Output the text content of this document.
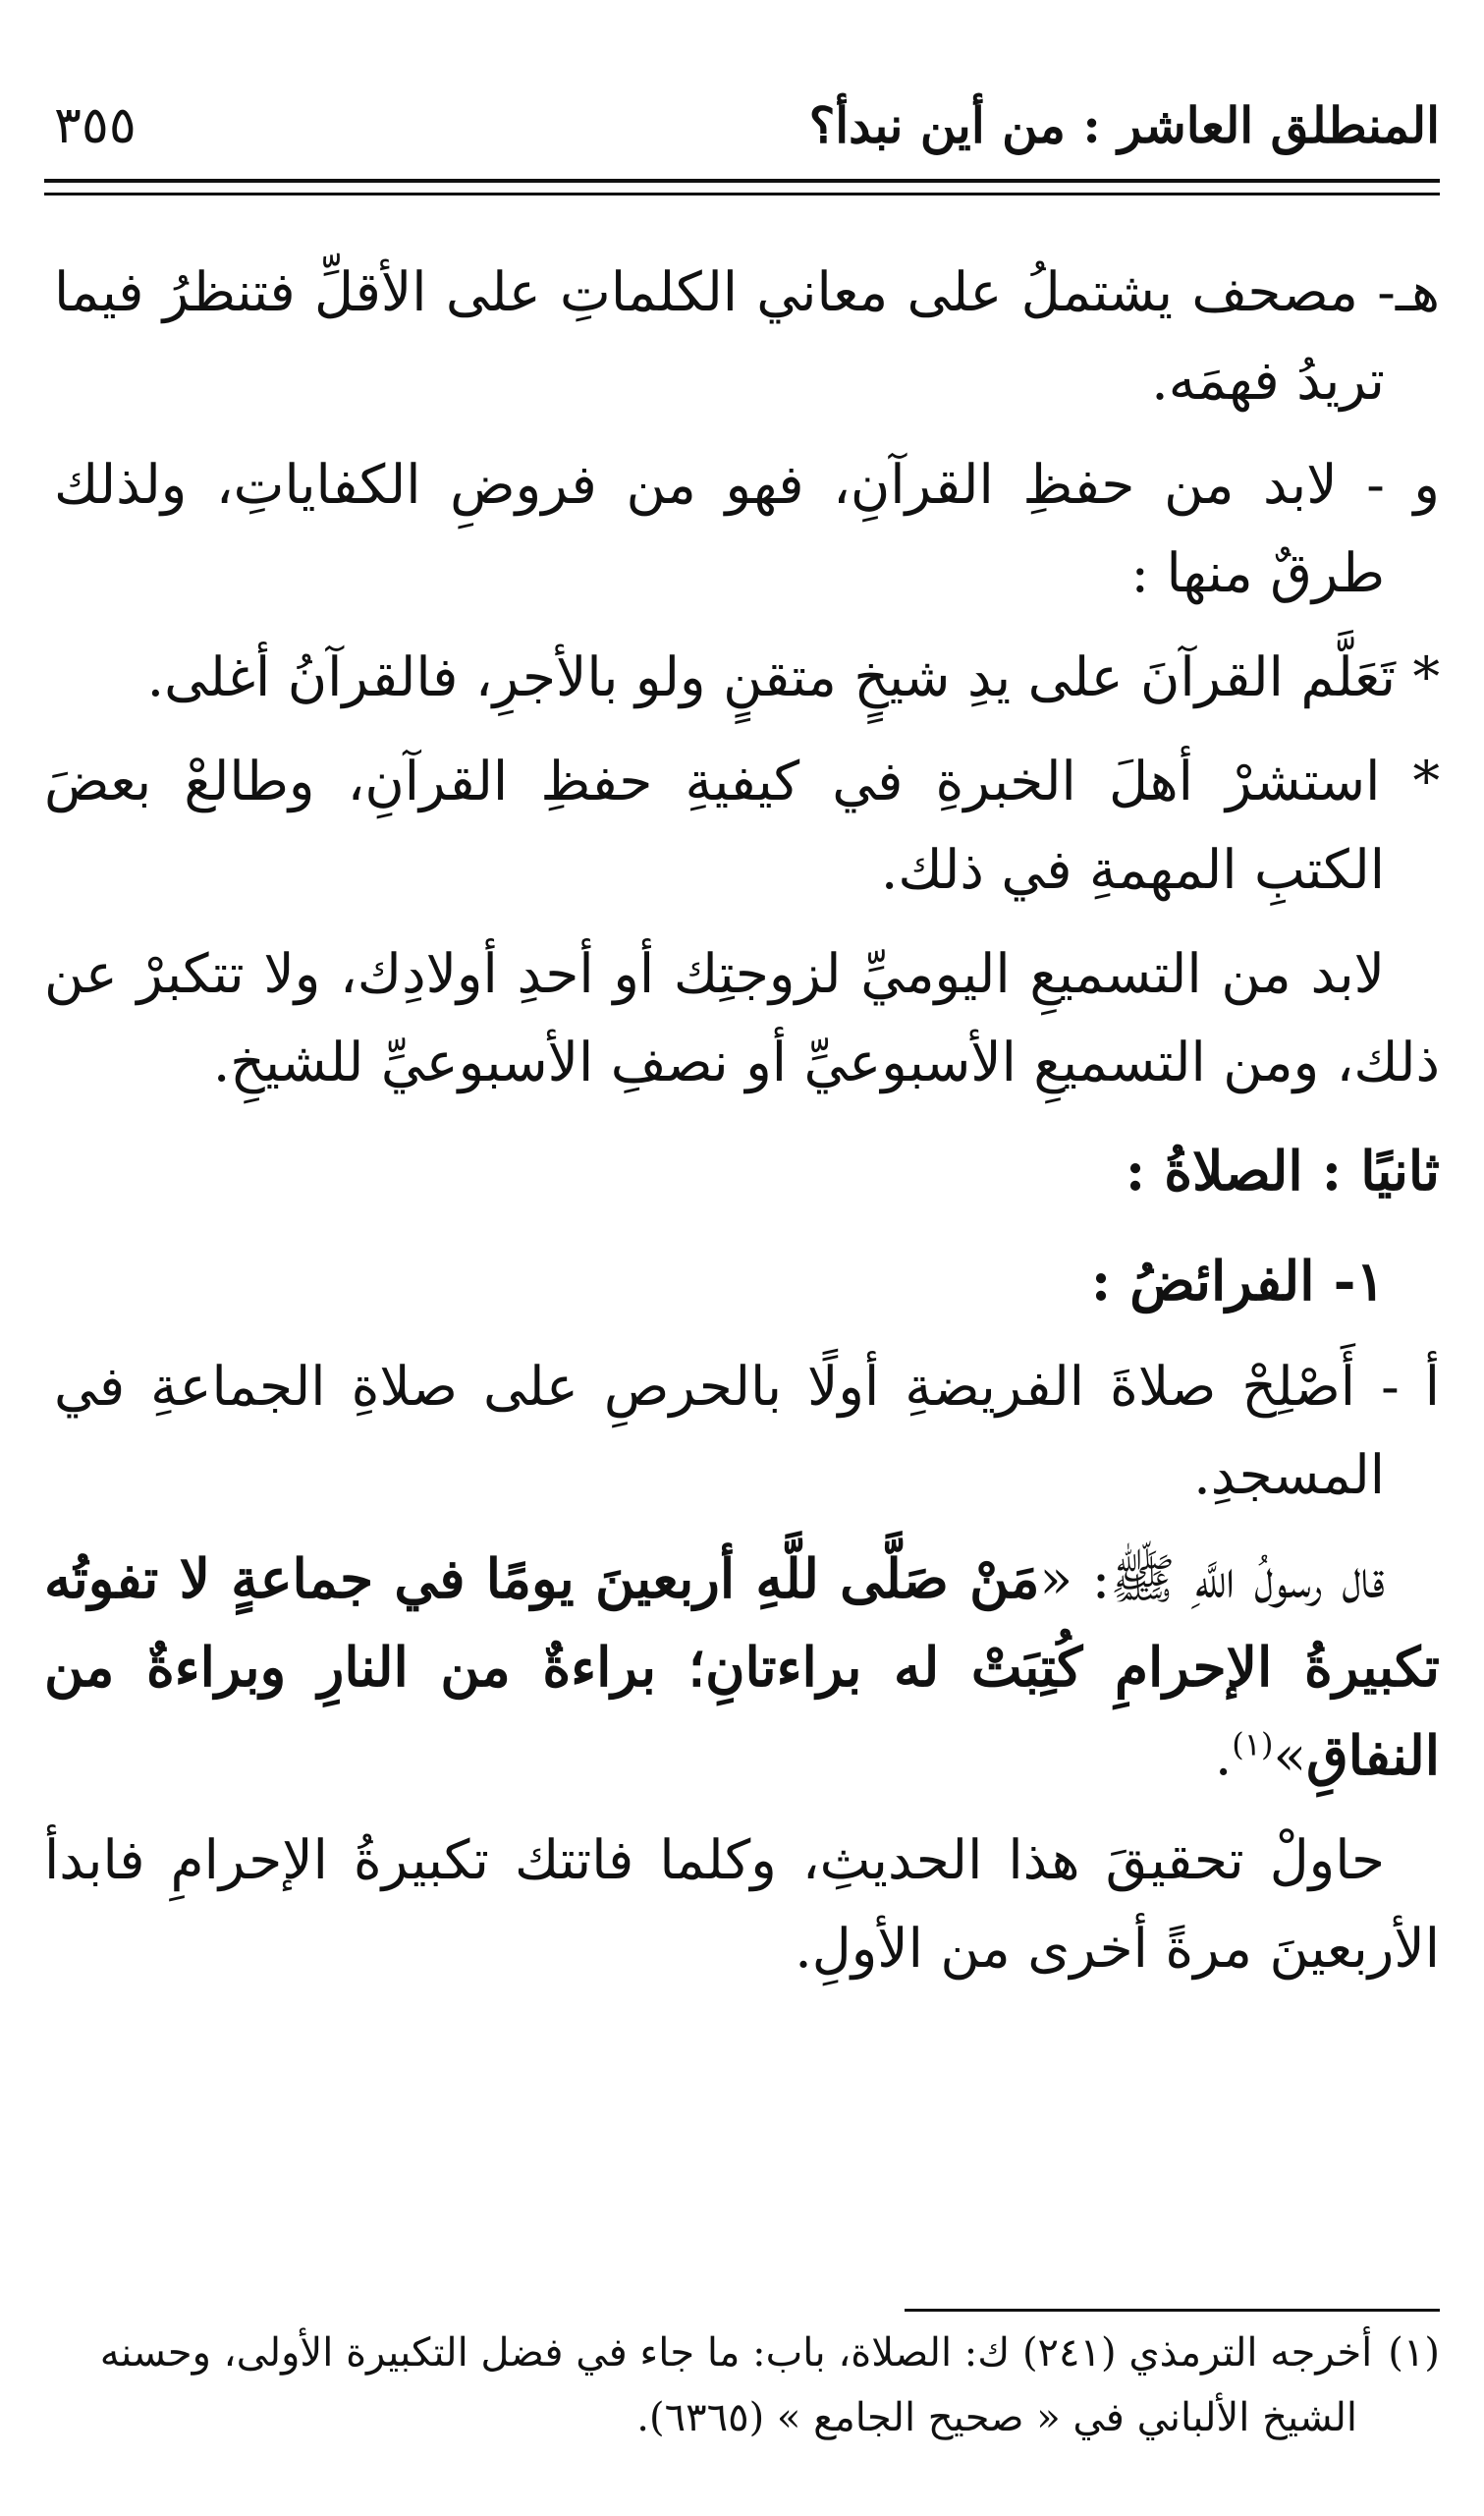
المنطلق العاشر : من أين نبدأ؟
٣٥٥

هـ- مصحف يشتملُ على معاني الكلماتِ على الأقلِّ فتنظرُ فيما تريدُ فهمَه.

و - لابد من حفظِ القرآنِ، فهو من فروضِ الكفاياتِ، ولذلك طرقٌ منها :

* تَعَلَّم القرآنَ على يدِ شيخٍ متقنٍ ولو بالأجرِ، فالقرآنُ أغلى.

* استشرْ أهلَ الخبرةِ في كيفيةِ حفظِ القرآنِ، وطالعْ بعضَ الكتبِ المهمةِ في ذلك.

لابد من التسميعِ اليوميِّ لزوجتِك أو أحدِ أولادِك، ولا تتكبرْ عن ذلك، ومن التسميعِ الأسبوعيِّ أو نصفِ الأسبوعيِّ للشيخِ.

ثانيًا : الصلاةُ :
١- الفرائضُ :

أ - أَصْلِحْ صلاةَ الفريضةِ أولًا بالحرصِ على صلاةِ الجماعةِ في المسجدِ.

قال رسولُ اللَّهِ ﷺ: «مَنْ صَلَّى للَّهِ أربعينَ يومًا في جماعةٍ لا تفوتُه تكبيرةُ الإحرامِ كُتِبَتْ له براءتانِ؛ براءةٌ من النارِ وبراءةٌ من النفاقِ»$^{(١)}$.

حاولْ تحقيقَ هذا الحديثِ، وكلما فاتتك تكبيرةُ الإحرامِ فابدأ الأربعينَ مرةً أخرى من الأولِ.

(١)أخرجه الترمذي (٢٤١) ك: الصلاة، باب: ما جاء في فضل التكبيرة الأولى، وحسنه
الشيخ الألباني في « صحيح الجامع » (٦٣٦٥).
